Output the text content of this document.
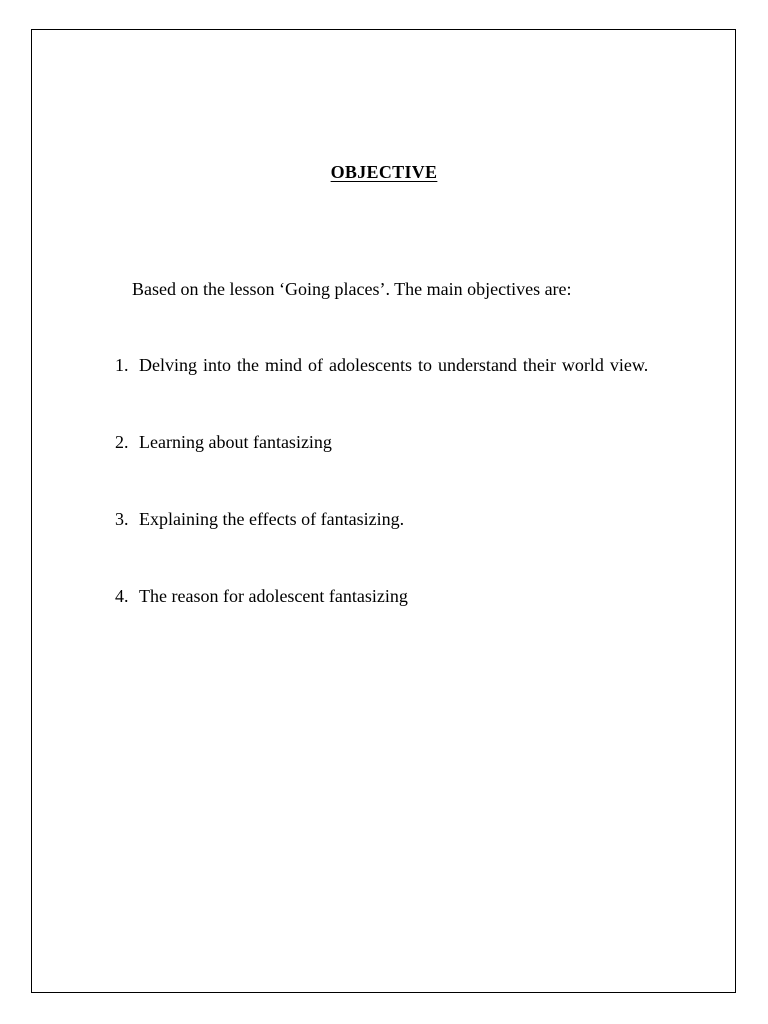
OBJECTIVE
Based on the lesson ‘Going places’. The main objectives are:
1. Delving into the mind of adolescents to understand their world view.
2. Learning about fantasizing
3. Explaining the effects of fantasizing.
4. The reason for adolescent fantasizing
